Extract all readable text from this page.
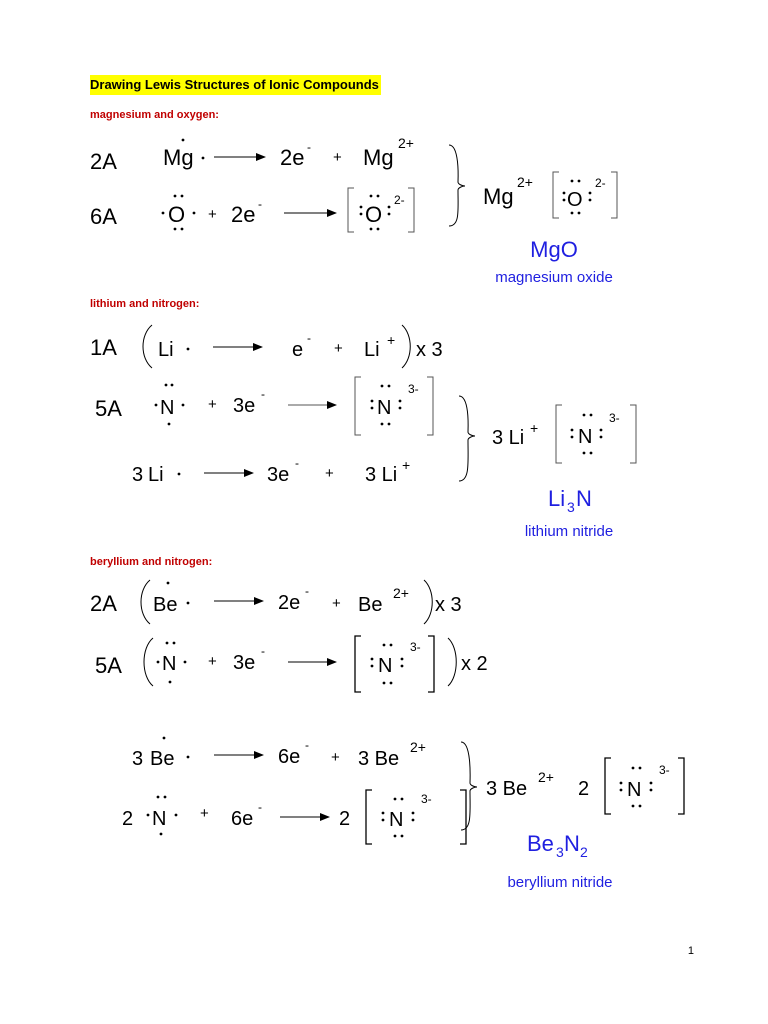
Drawing Lewis Structures of Ionic Compounds
magnesium and oxygen:
lithium and nitrogen:
beryllium and nitrogen:
1
2A Mg	2e -
+ Mg
2+
6A O + 2e -	O
2-	Mg
2+
O
2-
MgO
magnesium oxide
1A Li	e
-
+ Li + x 3
5A N + 3e
-
N
3-
3 Li	3e
-
+ 3 Li +
3 Li + N
3-
Li 3 N
lithium nitride
2A Be	2e
-
+ Be
2+
x 3
5A N + 3e
-
N
3-
x 2
3 Be	6e
-
+ 3 Be
2+
2 N + 6e
-
2 N
3-	3 Be
2+
2 N
3-
Be 3 N 2
beryllium nitride
